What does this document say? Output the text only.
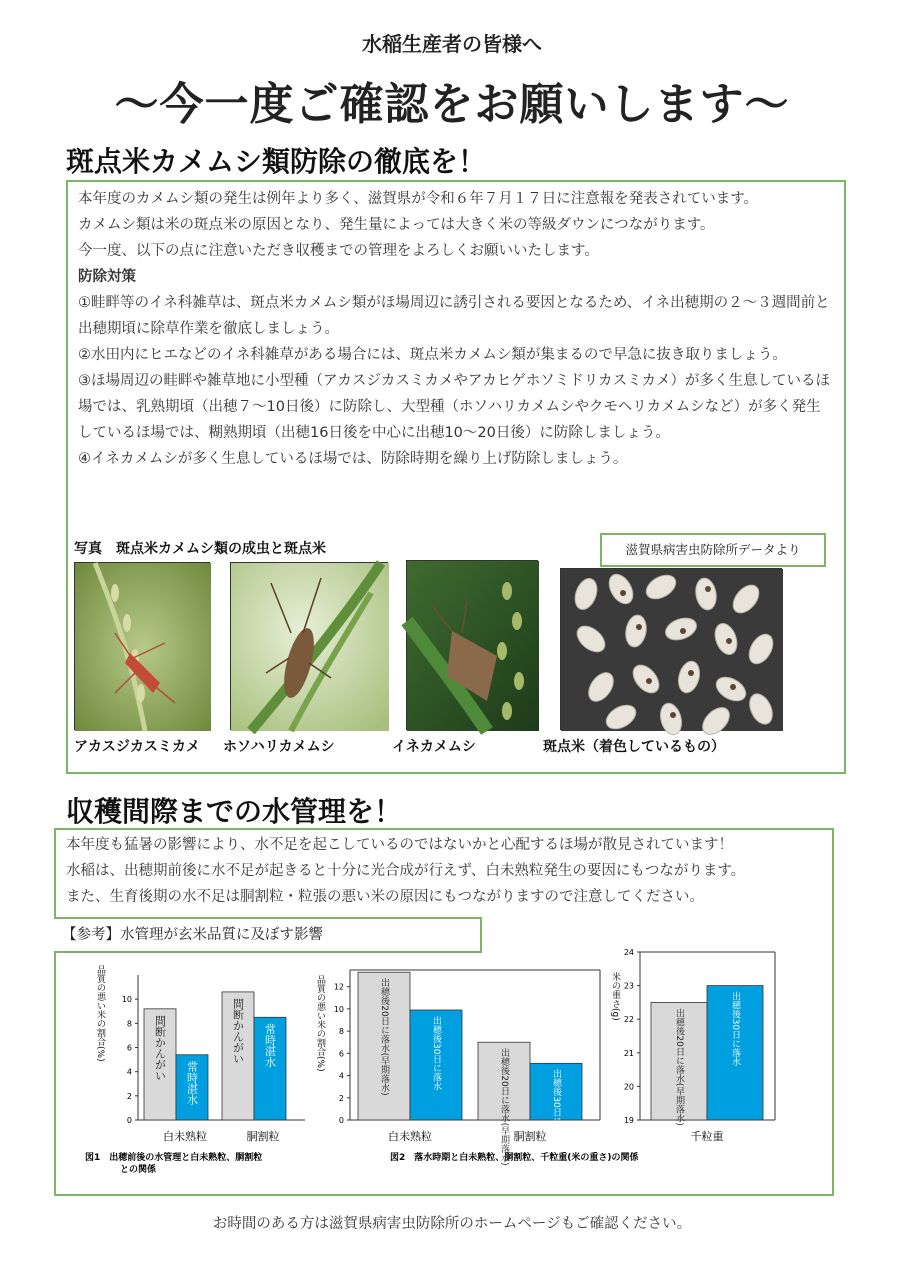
水稲生産者の皆様へ
～今一度ご確認をお願いします～
斑点米カメムシ類防除の徹底を！

本年度のカメムシ類の発生は例年より多く、滋賀県が令和６年７月１７日に注意報を発表されています。

カメムシ類は米の斑点米の原因となり、発生量によっては大きく米の等級ダウンにつながります。

今一度、以下の点に注意いただき収穫までの管理をよろしくお願いいたします。

防除対策

①畦畔等のイネ科雑草は、斑点米カメムシ類がほ場周辺に誘引される要因となるため、イネ出穂期の２～３週間前と出穂期頃に除草作業を徹底しましょう。

②水田内にヒエなどのイネ科雑草がある場合には、斑点米カメムシ類が集まるので早急に抜き取りましょう。

③ほ場周辺の畦畔や雑草地に小型種（アカスジカスミカメやアカヒゲホソミドリカスミカメ）が多く生息しているほ場では、乳熟期頃（出穂７～10日後）に防除し、大型種（ホソハリカメムシやクモヘリカメムシなど）が多く発生しているほ場では、糊熟期頃（出穂16日後を中心に出穂10～20日後）に防除しましょう。

④イネカメムシが多く生息しているほ場では、防除時期を繰り上げ防除しましょう。

写真　斑点米カメムシ類の成虫と斑点米	滋賀県病害虫防除所データより
アカスジカスミカメ ホソハリカメムシ	イネカメムシ	斑点米（着色しているもの）
収穫間際までの水管理を！

本年度も猛暑の影響により、水不足を起こしているのではないかと心配するほ場が散見されています！

水稲は、出穂期前後に水不足が起きると十分に光合成が行えず、白未熟粒発生の要因にもつながります。

また、生育後期の水不足は胴割粒・粒張の悪い米の原因にもつながりますので注意してください。

【参考】水管理が玄米品質に及ぼす影響
品質の悪い米の割合(%)
白未熟粒	胴割粒
図1　出穂前後の水管理と白未熟粒、胴割粒
との関係
0
2
4
6
8
10
間断かんがい
常時湛水
間断かんがい 常時湛水	品質の悪い米の割合(%)
白未熟粒	胴割粒
図2　落水時期と白未熟粒、胴割粒、千粒重(米の重さ)の関係
0
2
4
6
8
10
12	出穂後20日に落水(早期落水)	出穂後30日に落水	出穂後20日に落水(早期落水)	出穂後30日に落水
米の重さ(g)
千粒重
19
20
21
22
23
24
出穂後20日に落水(早期落水)	出穂後30日に落水
お時間のある方は滋賀県病害虫防除所のホームページもご確認ください。
